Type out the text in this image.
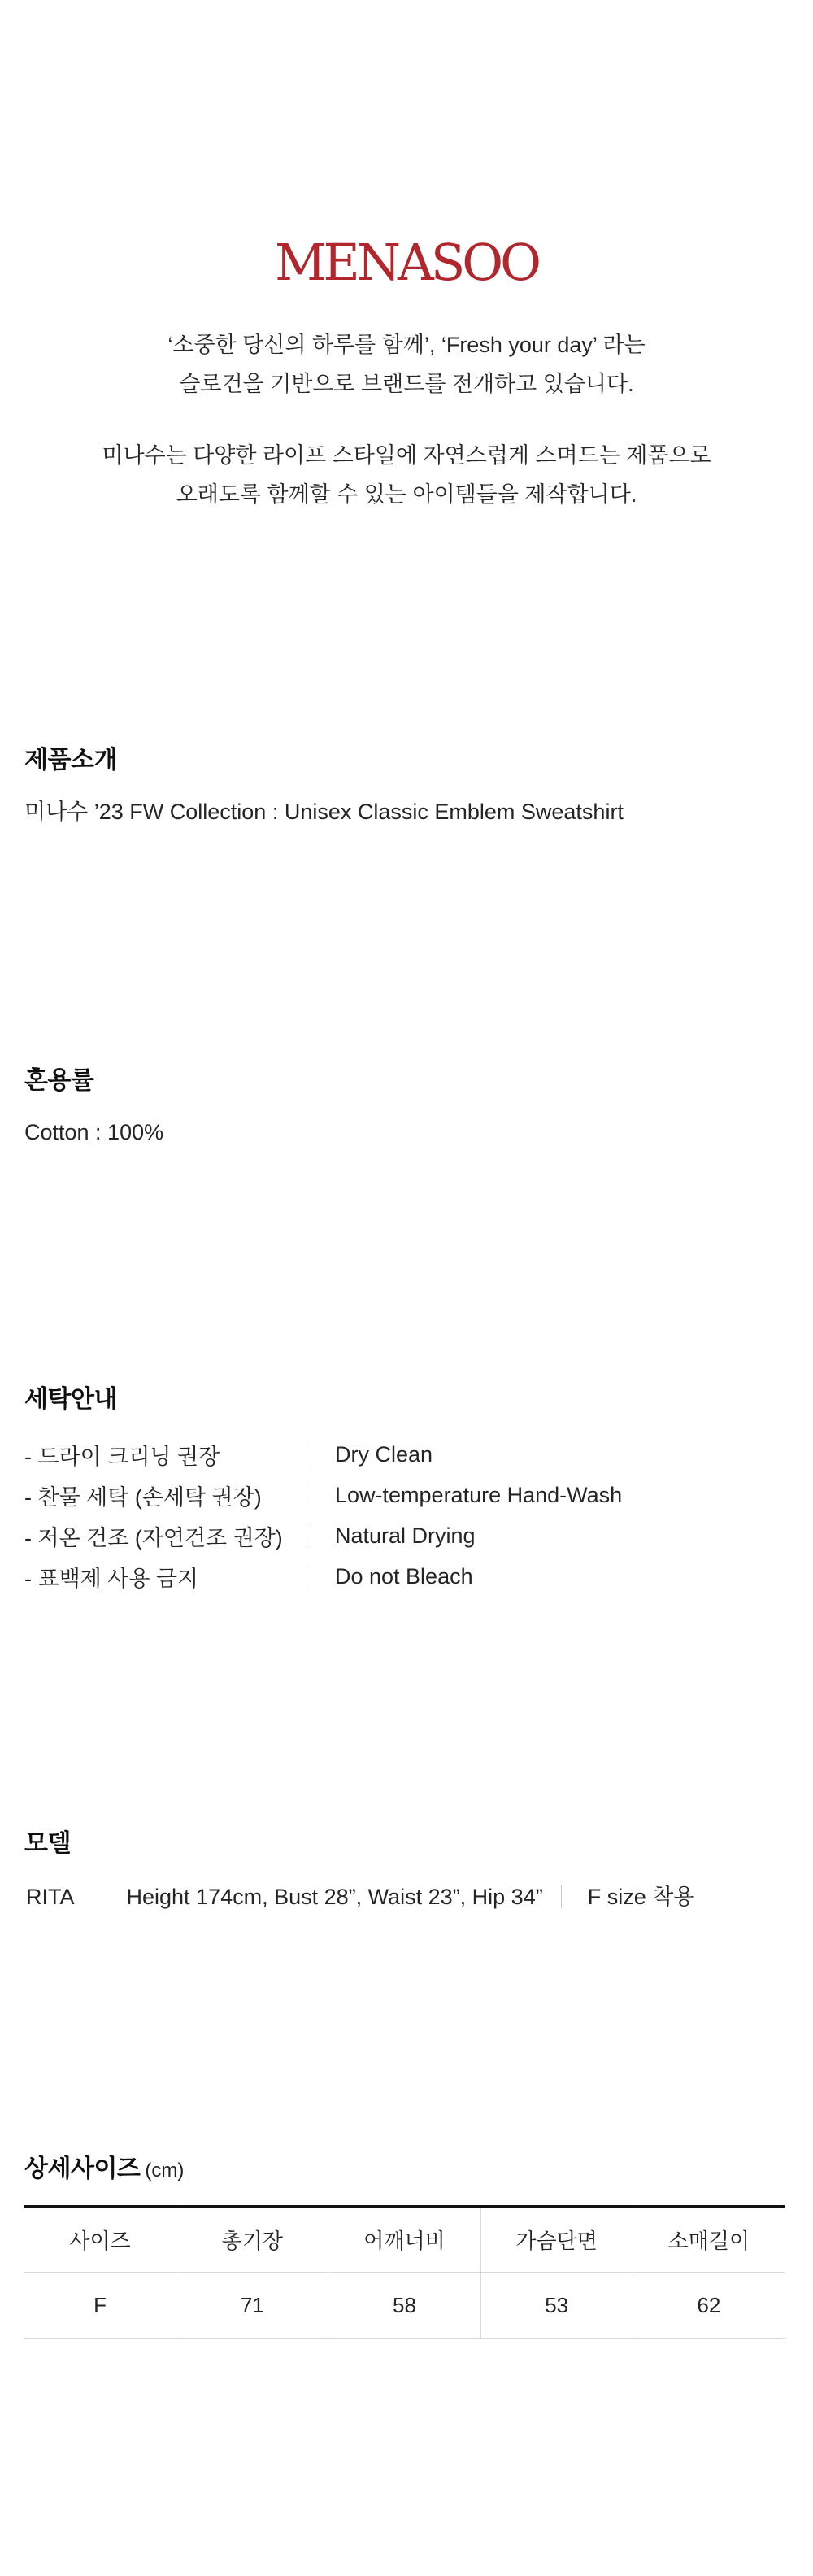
MENASOO
‘소중한 당신의 하루를 함께’, ‘Fresh your day’ 라는
슬로건을 기반으로 브랜드를 전개하고 있습니다.
미나수는 다양한 라이프 스타일에 자연스럽게 스며드는 제품으로
오래도록 함께할 수 있는 아이템들을 제작합니다.
제품소개
미나수 ’23 FW Collection : Unisex Classic Emblem Sweatshirt
혼용률
Cotton : 100%
세탁안내
- 드라이 크리닝 권장	Dry Clean
- 찬물 세탁 (손세탁 권장)	Low-temperature Hand-Wash
- 저온 건조 (자연건조 권장)	Natural Drying
- 표백제 사용 금지	Do not Bleach
모델
RITA Height 174cm, Bust 28”, Waist 23”, Hip 34” F size 착용
상세사이즈 (cm)
사이즈	총기장	어깨너비	가슴단면	소매길이
F	71	58	53	62
